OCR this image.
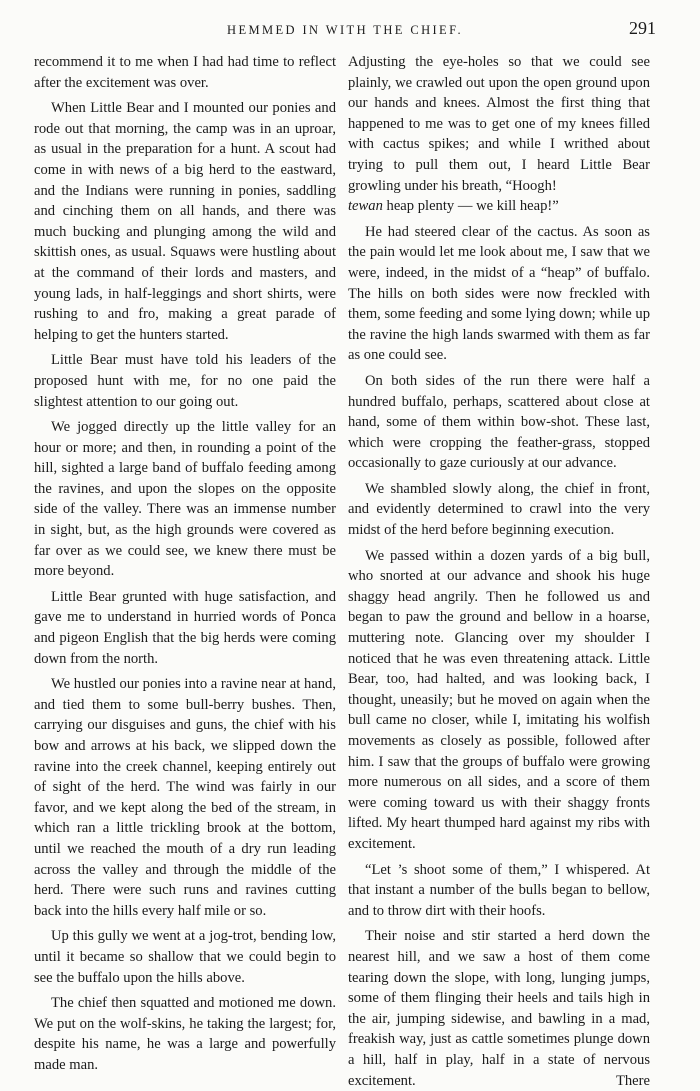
HEMMED IN WITH THE CHIEF.	291

recommend it to me when I had had time to reflect after the excitement was over.

When Little Bear and I mounted our ponies and rode out that morning, the camp was in an uproar, as usual in the preparation for a hunt. A scout had come in with news of a big herd to the eastward, and the Indians were running in ponies, saddling and cinching them on all hands, and there was much bucking and plunging among the wild and skittish ones, as usual. Squaws were hustling about at the command of their lords and masters, and young lads, in half-leggings and short shirts, were rushing to and fro, making a great parade of helping to get the hunters started.

Little Bear must have told his leaders of the proposed hunt with me, for no one paid the slightest attention to our going out.

We jogged directly up the little valley for an hour or more; and then, in rounding a point of the hill, sighted a large band of buffalo feeding among the ravines, and upon the slopes on the opposite side of the valley. There was an immense number in sight, but, as the high grounds were covered as far over as we could see, we knew there must be more beyond.

Little Bear grunted with huge satisfaction, and gave me to understand in hurried words of Ponca and pigeon English that the big herds were coming down from the north.

We hustled our ponies into a ravine near at hand, and tied them to some bull-berry bushes. Then, carrying our disguises and guns, the chief with his bow and arrows at his back, we slipped down the ravine into the creek channel, keeping entirely out of sight of the herd. The wind was fairly in our favor, and we kept along the bed of the stream, in which ran a little trickling brook at the bottom, until we reached the mouth of a dry run leading across the valley and through the middle of the herd. There were such runs and ravines cutting back into the hills every half mile or so.

Up this gully we went at a jog-trot, bending low, until it became so shallow that we could begin to see the buffalo upon the hills above.

The chief then squatted and motioned me down. We put on the wolf-skins, he taking the largest; for, despite his name, he was a large and powerfully made man.

Adjusting the eye-holes so that we could see plainly, we crawled out upon the open ground upon our hands and knees. Almost the first thing that happened to me was to get one of my knees filled with cactus spikes; and while I writhed about trying to pull them out, I heard Little Bear growling under his breath, “Hoogh!
tewan heap plenty — we kill heap!”

He had steered clear of the cactus. As soon as the pain would let me look about me, I saw that we were, indeed, in the midst of a “heap” of buffalo. The hills on both sides were now freckled with them, some feeding and some lying down; while up the ravine the high lands swarmed with them as far as one could see.

On both sides of the run there were half a hundred buffalo, perhaps, scattered about close at hand, some of them within bow-shot. These last, which were cropping the feather-grass, stopped occasionally to gaze curiously at our advance.

We shambled slowly along, the chief in front, and evidently determined to crawl into the very midst of the herd before beginning execution.

We passed within a dozen yards of a big bull, who snorted at our advance and shook his huge shaggy head angrily. Then he followed us and began to paw the ground and bellow in a hoarse, muttering note. Glancing over my shoulder I noticed that he was even threatening attack. Little Bear, too, had halted, and was looking back, I thought, uneasily; but he moved on again when the bull came no closer, while I, imitating his wolfish movements as closely as possible, followed after him. I saw that the groups of buffalo were growing more numerous on all sides, and a score of them were coming toward us with their shaggy fronts lifted. My heart thumped hard against my ribs with excitement.

“Let ’s shoot some of them,” I whispered. At that instant a number of the bulls began to bellow, and to throw dirt with their hoofs.

Their noise and stir started a herd down the nearest hill, and we saw a host of them come tearing down the slope, with long, lunging jumps, some of them flinging their heels and tails high in the air, jumping sidewise, and bawling in a mad, freakish way, just as cattle sometimes plunge down a hill, half in play, half in a state of nervous excitement. There
